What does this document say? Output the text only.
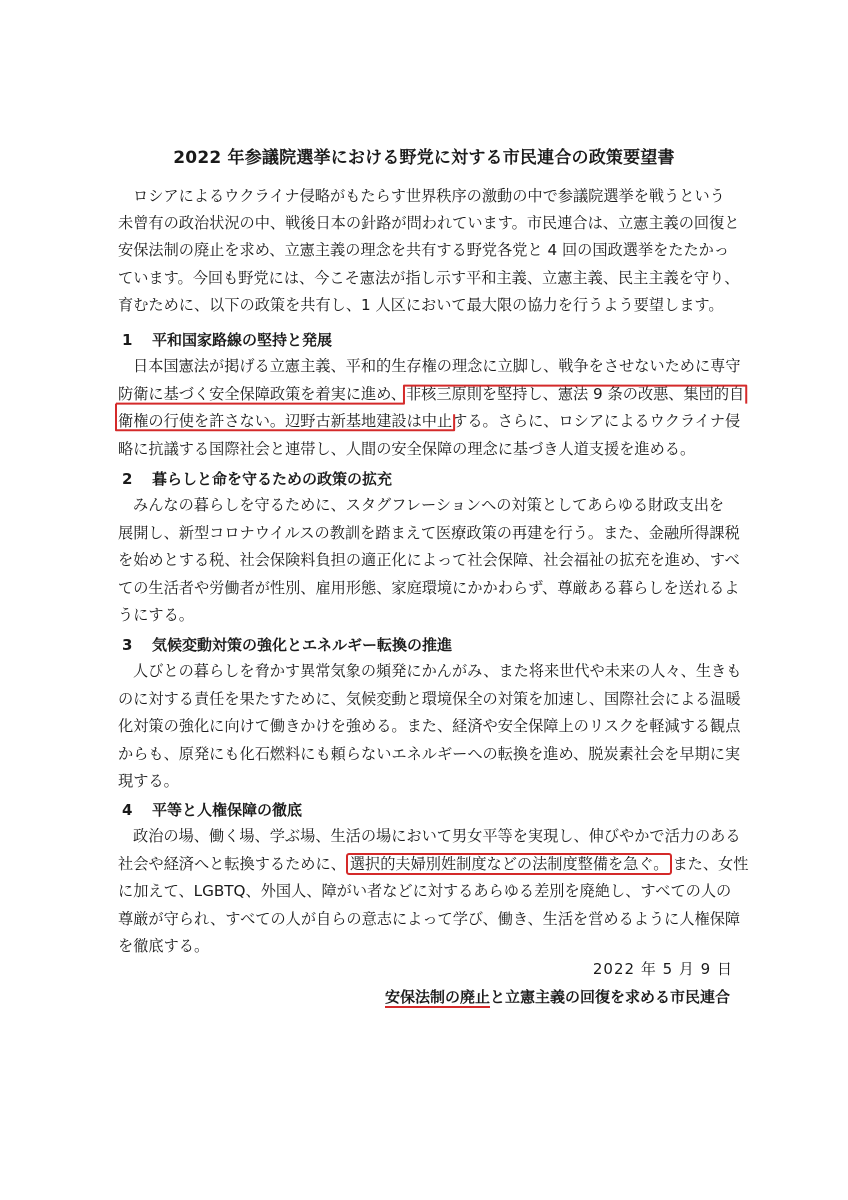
2022 年参議院選挙における野党に対する市民連合の政策要望書
ロシアによるウクライナ侵略がもたらす世界秩序の激動の中で参議院選挙を戦うという
未曾有の政治状況の中、戦後日本の針路が問われています。市民連合は、立憲主義の回復と
安保法制の廃止を求め、立憲主義の理念を共有する野党各党と 4 回の国政選挙をたたかっ
ています。今回も野党には、今こそ憲法が指し示す平和主義、立憲主義、民主主義を守り、
育むために、以下の政策を共有し、1 人区において最大限の協力を行うよう要望します。
1 平和国家路線の堅持と発展
日本国憲法が掲げる立憲主義、平和的生存権の理念に立脚し、戦争をさせないために専守
防衛に基づく安全保障政策を着実に進め、非核三原則を堅持し、憲法 9 条の改悪、集団的自
衛権の行使を許さない。辺野古新基地建設は中止する。さらに、ロシアによるウクライナ侵
略に抗議する国際社会と連帯し、人間の安全保障の理念に基づき人道支援を進める。
2 暮らしと命を守るための政策の拡充
みんなの暮らしを守るために、スタグフレーションへの対策としてあらゆる財政支出を
展開し、新型コロナウイルスの教訓を踏まえて医療政策の再建を行う。また、金融所得課税
を始めとする税、社会保険料負担の適正化によって社会保障、社会福祉の拡充を進め、すべ
ての生活者や労働者が性別、雇用形態、家庭環境にかかわらず、尊厳ある暮らしを送れるよ
うにする。
3 気候変動対策の強化とエネルギー転換の推進
人びとの暮らしを脅かす異常気象の頻発にかんがみ、また将来世代や未来の人々、生きも
のに対する責任を果たすために、気候変動と環境保全の対策を加速し、国際社会による温暖
化対策の強化に向けて働きかけを強める。また、経済や安全保障上のリスクを軽減する観点
からも、原発にも化石燃料にも頼らないエネルギーへの転換を進め、脱炭素社会を早期に実
現する。
4 平等と人権保障の徹底
政治の場、働く場、学ぶ場、生活の場において男女平等を実現し、伸びやかで活力のある
社会や経済へと転換するために、 選択的夫婦別姓制度などの法制度整備を急ぐ。 また、女性
に加えて、LGBTQ、外国人、障がい者などに対するあらゆる差別を廃絶し、すべての人の
尊厳が守られ、すべての人が自らの意志によって学び、働き、生活を営めるように人権保障
を徹底する。
2022 年 5 月 9 日
安保法制の廃止と立憲主義の回復を求める市民連合
